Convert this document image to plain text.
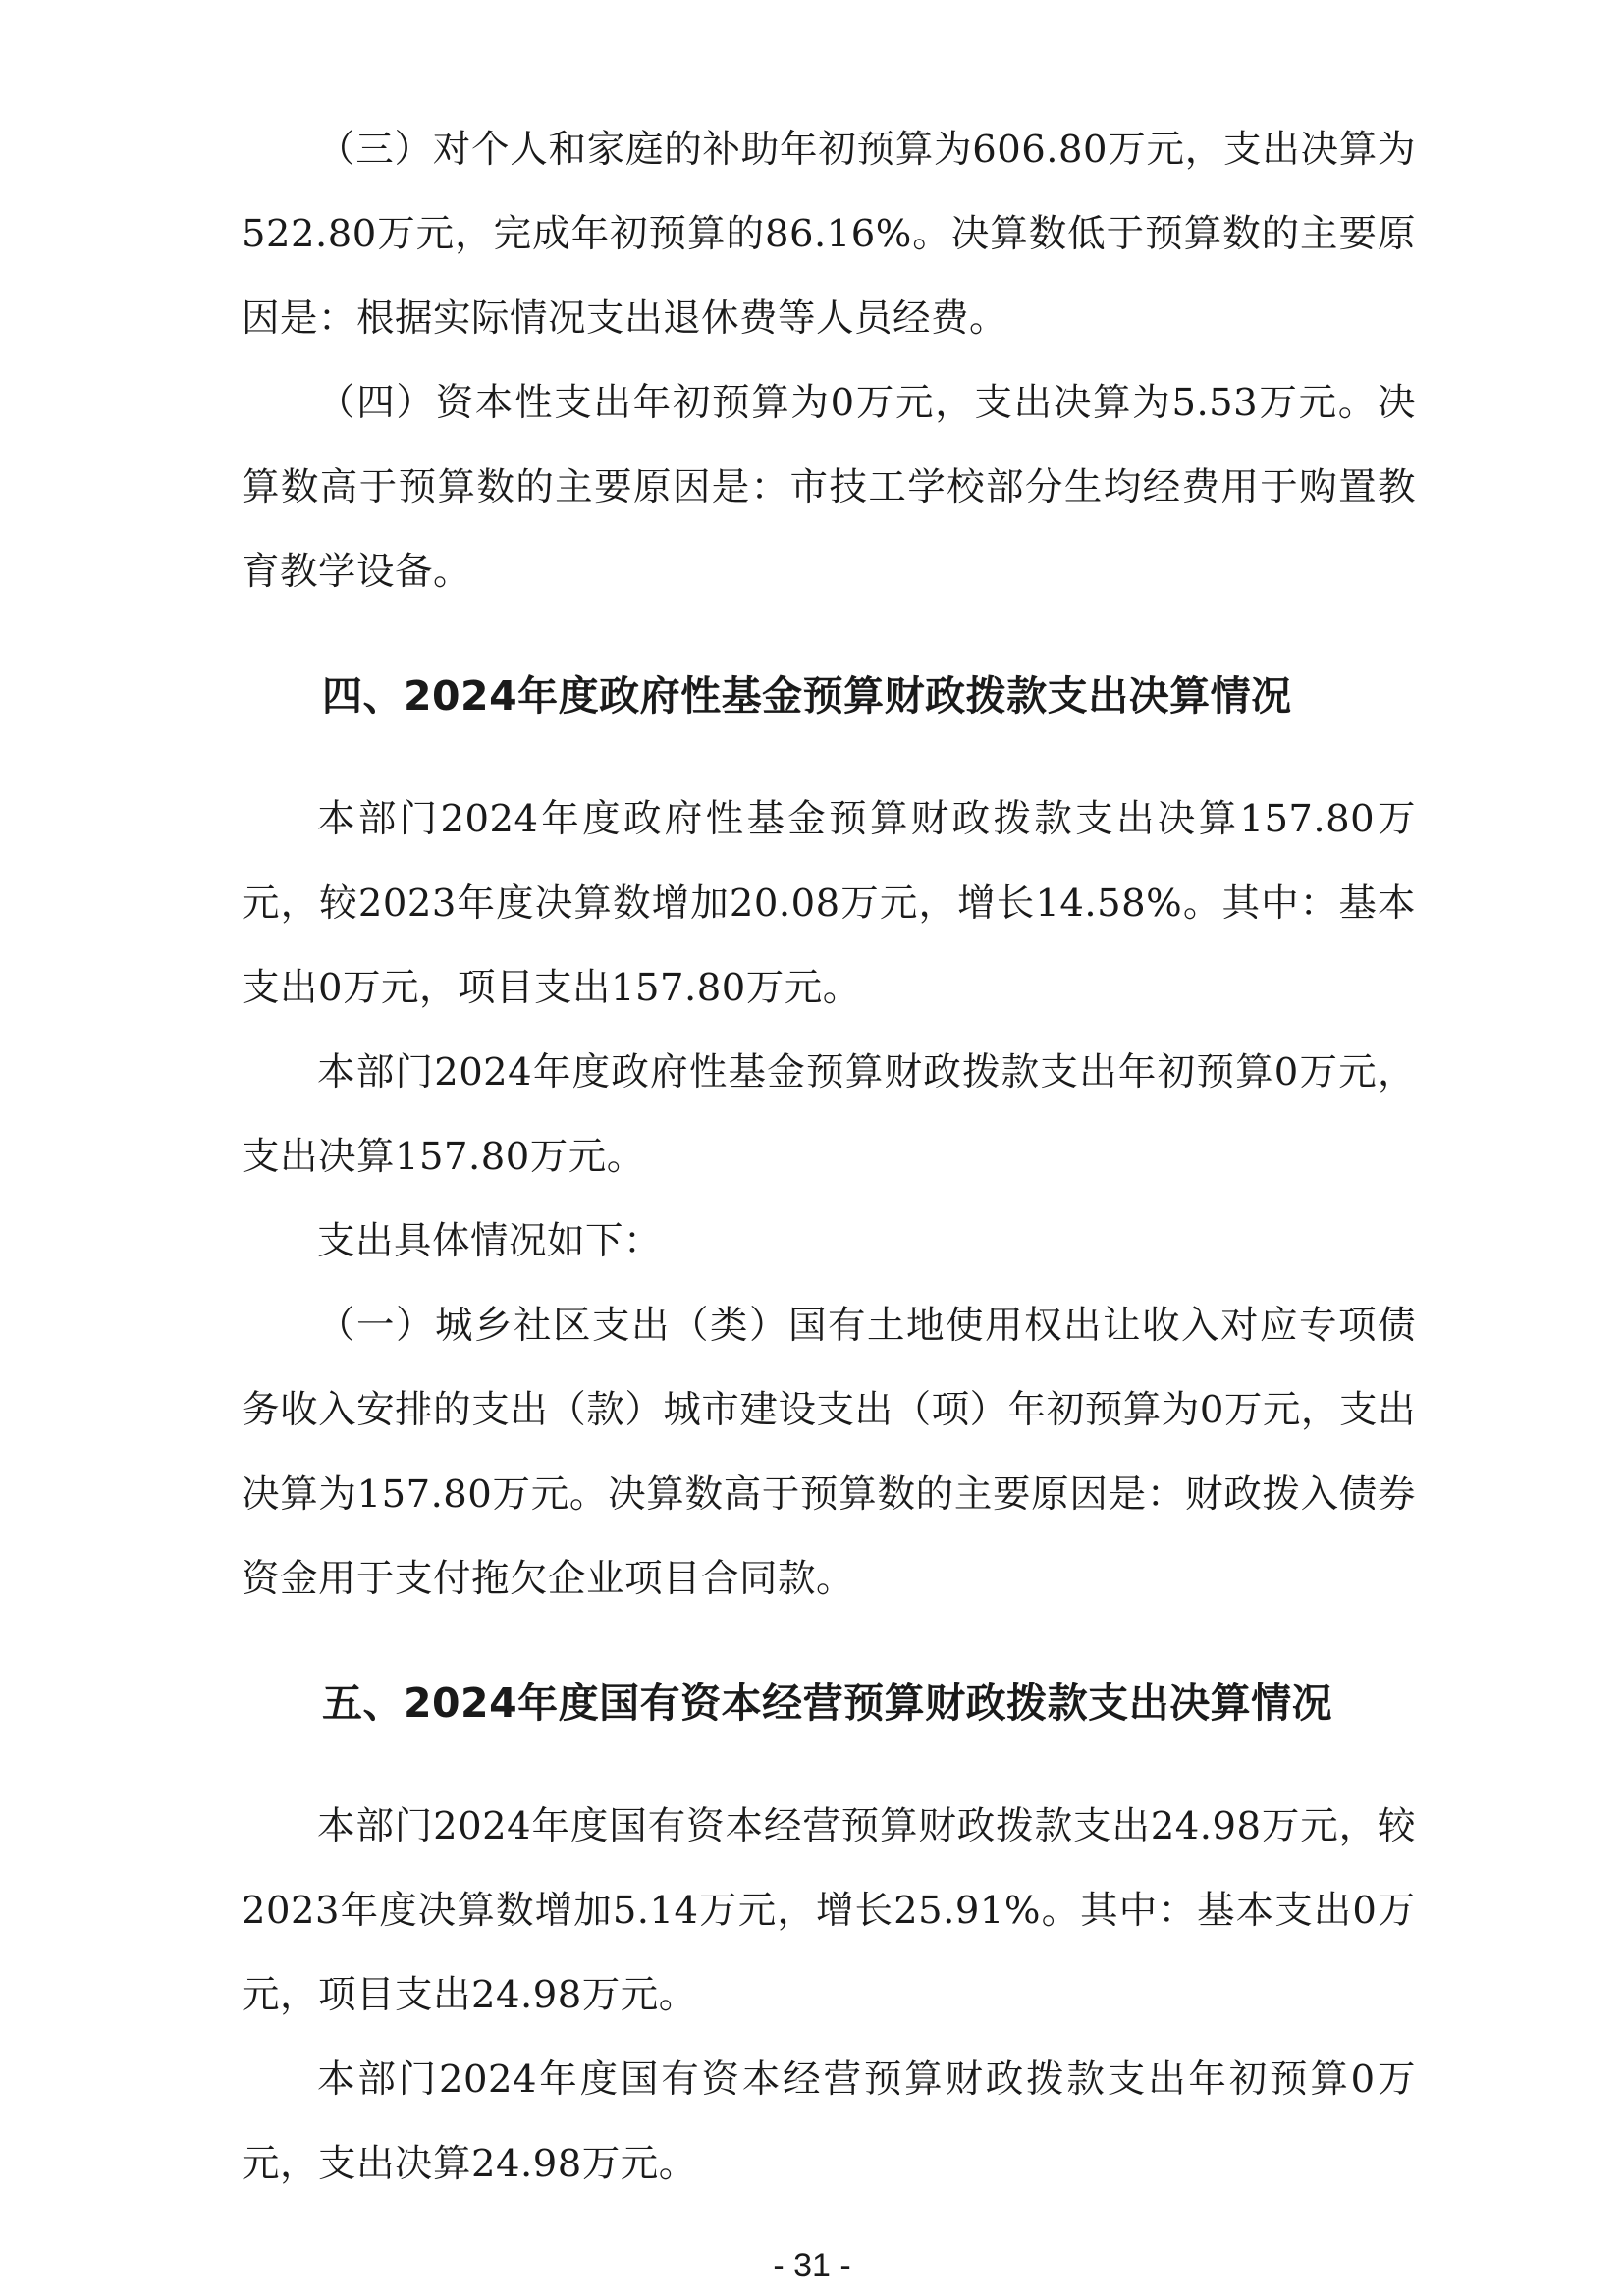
（三）对个人和家庭的补助年初预算为606.80万元，支出决算为522.80万元，完成年初预算的86.16%。决算数低于预算数的主要原因是：根据实际情况支出退休费等人员经费。

（四）资本性支出年初预算为0万元，支出决算为5.53万元。决算数高于预算数的主要原因是：市技工学校部分生均经费用于购置教育教学设备。

四、2024年度政府性基金预算财政拨款支出决算情况

本部门2024年度政府性基金预算财政拨款支出决算157.80万元，较2023年度决算数增加20.08万元，增长14.58%。其中：基本支出0万元，项目支出157.80万元。

本部门2024年度政府性基金预算财政拨款支出年初预算0万元，支出决算157.80万元。

支出具体情况如下：

（一）城乡社区支出（类）国有土地使用权出让收入对应专项债务收入安排的支出（款）城市建设支出（项）年初预算为0万元，支出决算为157.80万元。决算数高于预算数的主要原因是：财政拨入债券资金用于支付拖欠企业项目合同款。

五、2024年度国有资本经营预算财政拨款支出决算情况

本部门2024年度国有资本经营预算财政拨款支出24.98万元，较2023年度决算数增加5.14万元，增长25.91%。其中：基本支出0万元，项目支出24.98万元。

本部门2024年度国有资本经营预算财政拨款支出年初预算0万元，支出决算24.98万元。

- 31 -
